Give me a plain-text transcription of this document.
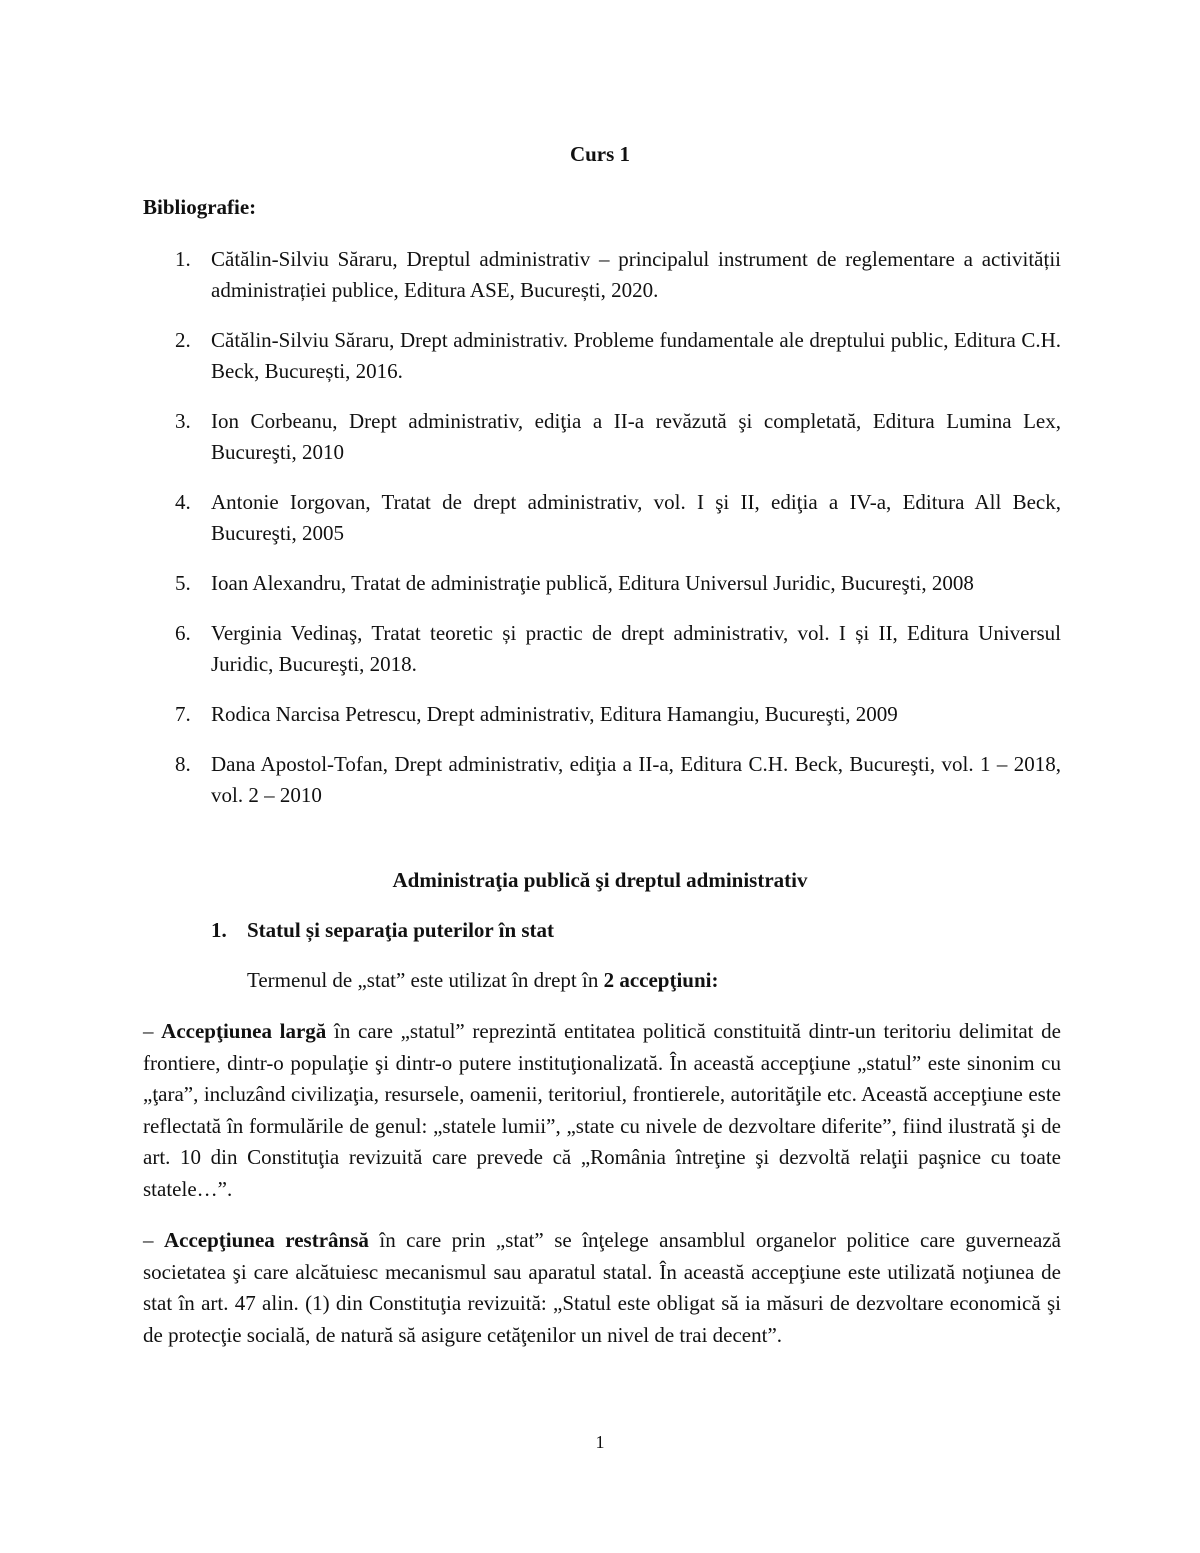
Curs 1
Bibliografie:
1. Cătălin-Silviu Săraru, Dreptul administrativ – principalul instrument de reglementare a activității administrației publice, Editura ASE, București, 2020.
2. Cătălin-Silviu Săraru, Drept administrativ. Probleme fundamentale ale dreptului public, Editura C.H. Beck, București, 2016.
3. Ion Corbeanu, Drept administrativ, ediţia a II-a revăzută şi completată, Editura Lumina Lex, Bucureşti, 2010
4. Antonie Iorgovan, Tratat de drept administrativ, vol. I şi II, ediţia a IV-a, Editura All Beck, Bucureşti, 2005
5. Ioan Alexandru, Tratat de administraţie publică, Editura Universul Juridic, Bucureşti, 2008
6. Verginia Vedinaş, Tratat teoretic și practic de drept administrativ, vol. I și II, Editura Universul Juridic, Bucureşti, 2018.
7. Rodica Narcisa Petrescu, Drept administrativ, Editura Hamangiu, Bucureşti, 2009
8. Dana Apostol-Tofan, Drept administrativ, ediţia a II-a, Editura C.H. Beck, Bucureşti, vol. 1 – 2018, vol. 2 – 2010
Administraţia publică şi dreptul administrativ
1. Statul și separaţia puterilor în stat
Termenul de „stat” este utilizat în drept în 2 accepţiuni:

– Accepţiunea largă în care „statul” reprezintă entitatea politică constituită dintr-un teritoriu delimitat de frontiere, dintr-o populaţie şi dintr-o putere instituţionalizată. În această accepţiune „statul” este sinonim cu „ţara”, incluzând civilizaţia, resursele, oamenii, teritoriul, frontierele, autorităţile etc. Această accepţiune este reflectată în formulările de genul: „statele lumii”, „state cu nivele de dezvoltare diferite”, fiind ilustrată şi de art. 10 din Constituţia revizuită care prevede că „România întreţine şi dezvoltă relaţii paşnice cu toate statele…”.

– Accepţiunea restrânsă în care prin „stat” se înţelege ansamblul organelor politice care guvernează societatea şi care alcătuiesc mecanismul sau aparatul statal. În această accepţiune este utilizată noţiunea de stat în art. 47 alin. (1) din Constituţia revizuită: „Statul este obligat să ia măsuri de dezvoltare economică şi de protecţie socială, de natură să asigure cetăţenilor un nivel de trai decent”.

1
